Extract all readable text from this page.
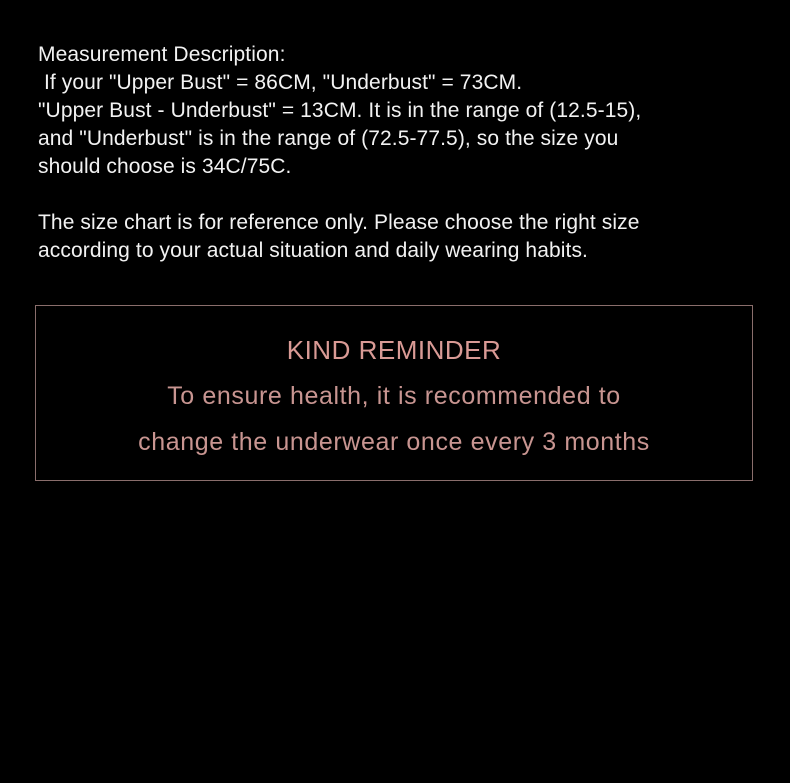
Measurement Description:

If your "Upper Bust" = 86CM, "Underbust" = 73CM.

"Upper Bust - Underbust" = 13CM. It is in the range of (12.5-15),

and "Underbust" is in the range of (72.5-77.5), so the size you

should choose is 34C/75C.

The size chart is for reference only. Please choose the right size

according to your actual situation and daily wearing habits.

KIND REMINDER
To ensure health, it is recommended to
change the underwear once every 3 months
